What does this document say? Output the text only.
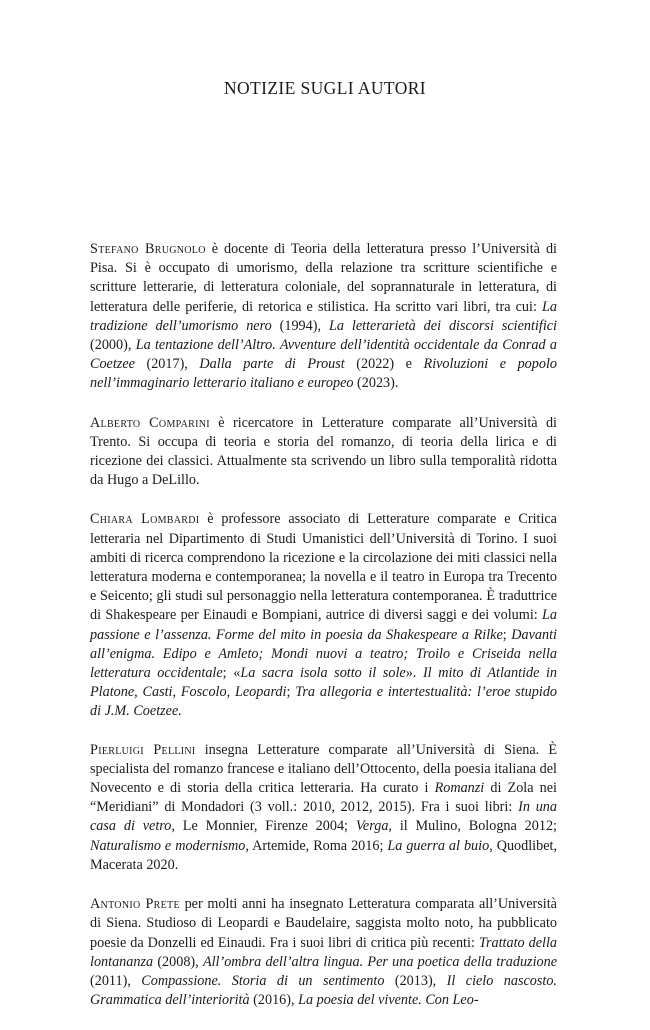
NOTIZIE SUGLI AUTORI

Stefano Brugnolo è docente di Teoria della letteratura presso l’Università di Pisa. Si è occupato di umorismo, della relazione tra scritture scientifiche e scritture letterarie, di letteratura coloniale, del soprannaturale in letteratura, di letteratura delle periferie, di retorica e stilistica. Ha scritto vari libri, tra cui: La tradizione dell’umorismo nero (1994), La letterarietà dei discorsi scientifici (2000), La tentazione dell’Altro. Avventure dell’identità occidentale da Conrad a Coetzee (2017), Dalla parte di Proust (2022) e Rivoluzioni e popolo nell’immaginario letterario italiano e europeo (2023).

Alberto Comparini è ricercatore in Letterature comparate all’Università di Trento. Si occupa di teoria e storia del romanzo, di teoria della lirica e di ricezione dei classici. Attualmente sta scrivendo un libro sulla temporalità ridotta da Hugo a DeLillo.

Chiara Lombardi è professore associato di Letterature comparate e Critica letteraria nel Dipartimento di Studi Umanistici dell’Università di Torino. I suoi ambiti di ricerca comprendono la ricezione e la circolazione dei miti classici nella letteratura moderna e contemporanea; la novella e il teatro in Europa tra Trecento e Seicento; gli studi sul personaggio nella letteratura contemporanea. È traduttrice di Shakespeare per Einaudi e Bompiani, autrice di diversi saggi e dei volumi: La passione e l’assenza. Forme del mito in poesia da Shakespeare a Rilke; Davanti all’enigma. Edipo e Amleto; Mondi nuovi a teatro; Troilo e Criseida nella letteratura occidentale; «La sacra isola sotto il sole». Il mito di Atlantide in Platone, Casti, Foscolo, Leopardi; Tra allegoria e intertestualità: l’eroe stupido di J.M. Coetzee.

Pierluigi Pellini insegna Letterature comparate all’Università di Siena. È specialista del romanzo francese e italiano dell’Ottocento, della poesia italiana del Novecento e di storia della critica letteraria. Ha curato i Romanzi di Zola nei “Meridiani” di Mondadori (3 voll.: 2010, 2012, 2015). Fra i suoi libri: In una casa di vetro, Le Monnier, Firenze 2004; Verga, il Mulino, Bologna 2012; Naturalismo e modernismo, Artemide, Roma 2016; La guerra al buio, Quodlibet, Macerata 2020.

Antonio Prete per molti anni ha insegnato Letteratura comparata all’Università di Siena. Studioso di Leopardi e Baudelaire, saggista molto noto, ha pubblicato poesie da Donzelli ed Einaudi. Fra i suoi libri di critica più recenti: Trattato della lontananza (2008), All’ombra dell’altra lingua. Per una poetica della traduzione (2011), Compassione. Storia di un sentimento (2013), Il cielo nascosto. Grammatica dell’interiorità (2016), La poesia del vivente. Con Leo-
